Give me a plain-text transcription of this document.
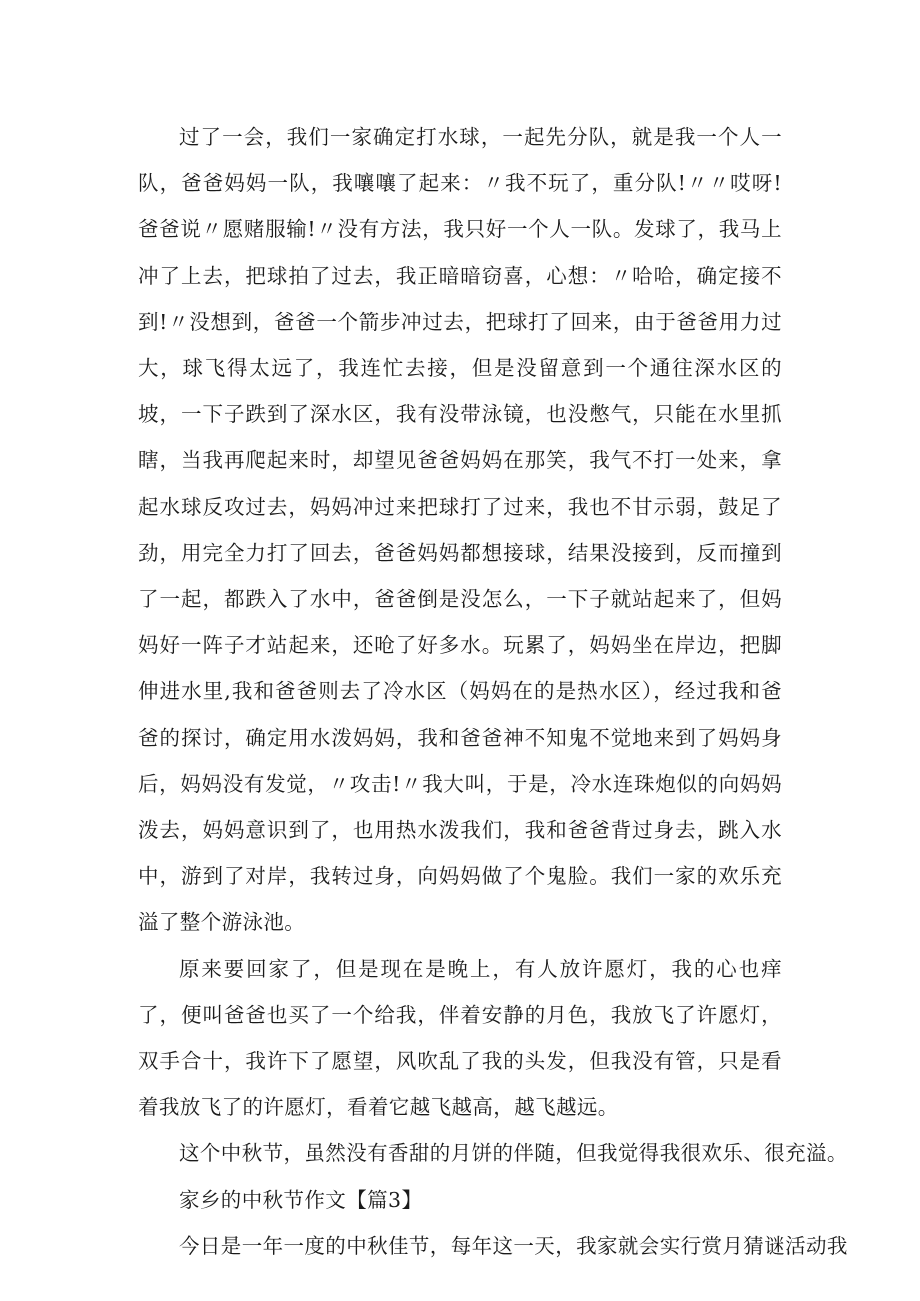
过了一会，我们一家确定打水球，一起先分队，就是我一个人一队，爸爸妈妈一队，我嚷嚷了起来：〃我不玩了，重分队!〃〃哎呀!爸爸说〃愿赌服输!〃没有方法，我只好一个人一队。发球了，我马上冲了上去，把球拍了过去，我正暗暗窃喜，心想：〃哈哈，确定接不到!〃没想到，爸爸一个箭步冲过去，把球打了回来，由于爸爸用力过大，球飞得太远了，我连忙去接，但是没留意到一个通往深水区的坡，一下子跌到了深水区，我有没带泳镜，也没憋气，只能在水里抓瞎，当我再爬起来时，却望见爸爸妈妈在那笑，我气不打一处来，拿起水球反攻过去，妈妈冲过来把球打了过来，我也不甘示弱，鼓足了劲，用完全力打了回去，爸爸妈妈都想接球，结果没接到，反而撞到了一起，都跌入了水中，爸爸倒是没怎么，一下子就站起来了，但妈妈好一阵子才站起来，还呛了好多水。玩累了，妈妈坐在岸边，把脚伸进水里,我和爸爸则去了冷水区（妈妈在的是热水区），经过我和爸爸的探讨，确定用水泼妈妈，我和爸爸神不知鬼不觉地来到了妈妈身后，妈妈没有发觉，〃攻击!〃我大叫，于是，冷水连珠炮似的向妈妈泼去，妈妈意识到了，也用热水泼我们，我和爸爸背过身去，跳入水中，游到了对岸，我转过身，向妈妈做了个鬼脸。我们一家的欢乐充溢了整个游泳池。

原来要回家了，但是现在是晚上，有人放许愿灯，我的心也痒了，便叫爸爸也买了一个给我，伴着安静的月色，我放飞了许愿灯，双手合十，我许下了愿望，风吹乱了我的头发，但我没有管，只是看着我放飞了的许愿灯，看着它越飞越高，越飞越远。

这个中秋节，虽然没有香甜的月饼的伴随，但我觉得我很欢乐、很充溢。

家乡的中秋节作文【篇3】

今日是一年一度的中秋佳节，每年这一天，我家就会实行赏月猜谜活动我
